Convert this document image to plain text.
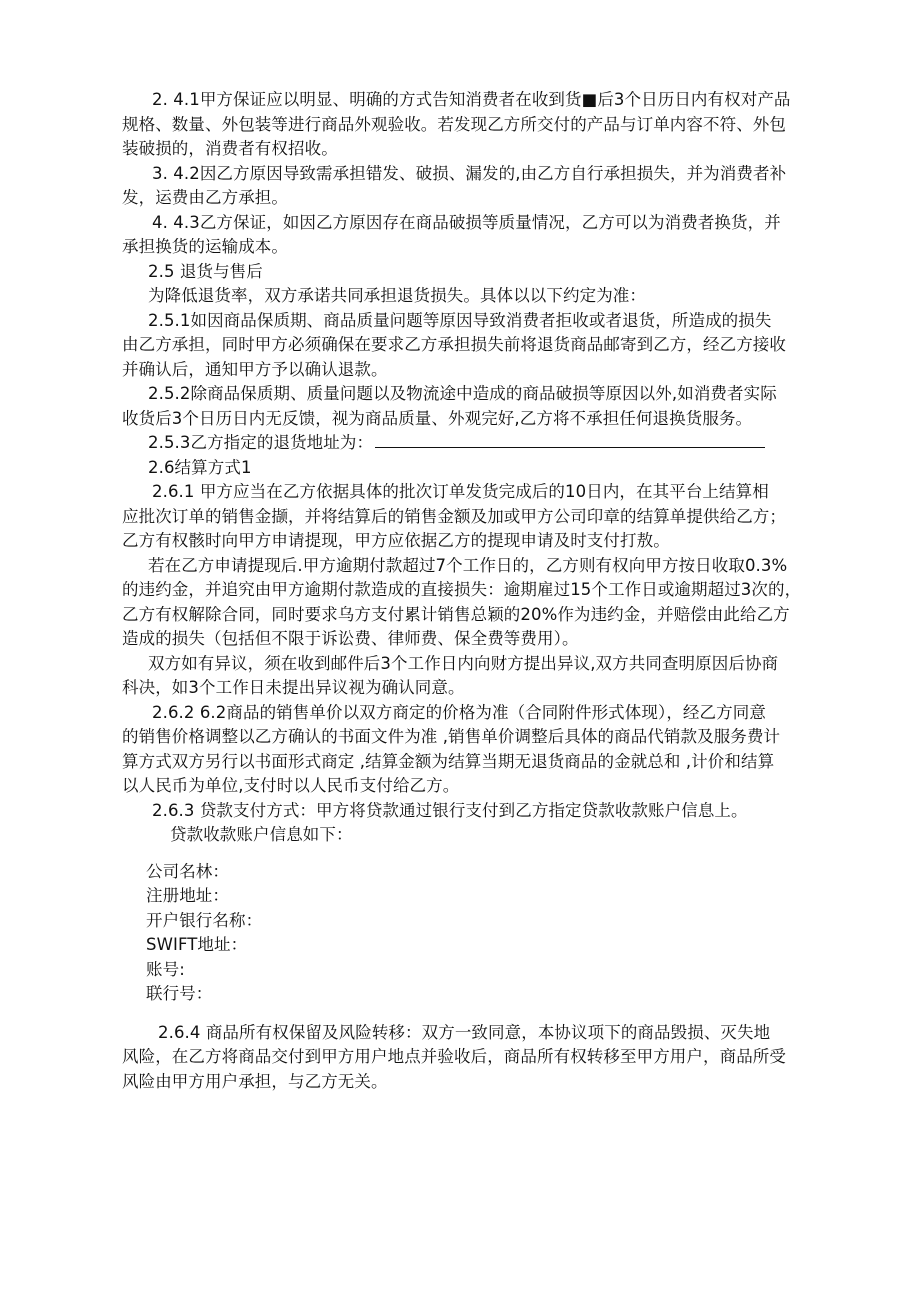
2. 4.1甲方保证应以明显、明确的方式告知消费者在收到货■后3个日历日内有权对产品
规格、数量、外包装等进行商品外观验收。若发现乙方所交付的产品与订单内容不符、外包
装破损的，消费者有权招收。
3. 4.2因乙方原因导致需承担错发、破损、漏发的,由乙方自行承担损失，并为消费者补
发，运费由乙方承担。
4. 4.3乙方保证，如因乙方原因存在商品破损等质量情况，乙方可以为消费者换货，并
承担换货的运输成本。
2.5 退货与售后
为降低退货率，双方承诺共同承担退货损失。具体以以下约定为准：
2.5.1如因商品保质期、商品质量问题等原因导致消费者拒收或者退货，所造成的损失
由乙方承担，同时甲方必须确保在要求乙方承担损失前将退货商品邮寄到乙方，经乙方接收
并确认后，通知甲方予以确认退款。
2.5.2除商品保质期、质量问题以及物流途中造成的商品破损等原因以外,如消费者实际
收货后3个日历日内无反馈，视为商品质量、外观完好,乙方将不承担任何退换货服务。
2.5.3乙方指定的退货地址为：
2.6结算方式1
2.6.1 甲方应当在乙方依据具体的批次订单发货完成后的10日内，在其平台上结算相
应批次订单的销售金撷，并将结算后的销售金额及加或甲方公司印章的结算单提供给乙方；
乙方有权骸时向甲方申请提现，甲方应依据乙方的提现申请及时支付打敖。
若在乙方申请提现后.甲方逾期付款超过7个工作日的，乙方则有权向甲方按日收取0.3%
的违约金，并追究由甲方逾期付款造成的直接损失：逾期雇过15个工作日或逾期超过3次的，
乙方有权解除合同，同时要求乌方支付累计销售总颖的20%作为违约金，并赔偿由此给乙方
造成的损失（包括但不限于诉讼费、律师费、保全费等费用）。
双方如有异议，须在收到邮件后3个工作日内向财方提出异议,双方共同查明原因后协商
科决，如3个工作日未提出异议视为确认同意。
2.6.2 6.2商品的销售单价以双方商定的价格为准（合同附件形式体现），经乙方同意
的销售价格调整以乙方确认的书面文件为准 ,销售单价调整后具体的商品代销款及服务费计
算方式双方另行以书面形式商定 ,结算金额为结算当期无退货商品的金就总和 ,计价和结算
以人民币为单位,支付时以人民币支付给乙方。
2.6.3 贷款支付方式：甲方将贷款通过银行支付到乙方指定贷款收款账户信息上。
贷款收款账户信息如下：
公司名林：
注册地址：
开户银行名称：
SWIFT地址：
账号:
联行号：
2.6.4 商品所有权保留及风险转移：双方一致同意，本协议项下的商品毁损、灭失地
风险，在乙方将商品交付到甲方用户地点并验收后，商品所有权转移至甲方用户，商品所受
风险由甲方用户承担，与乙方无关。
